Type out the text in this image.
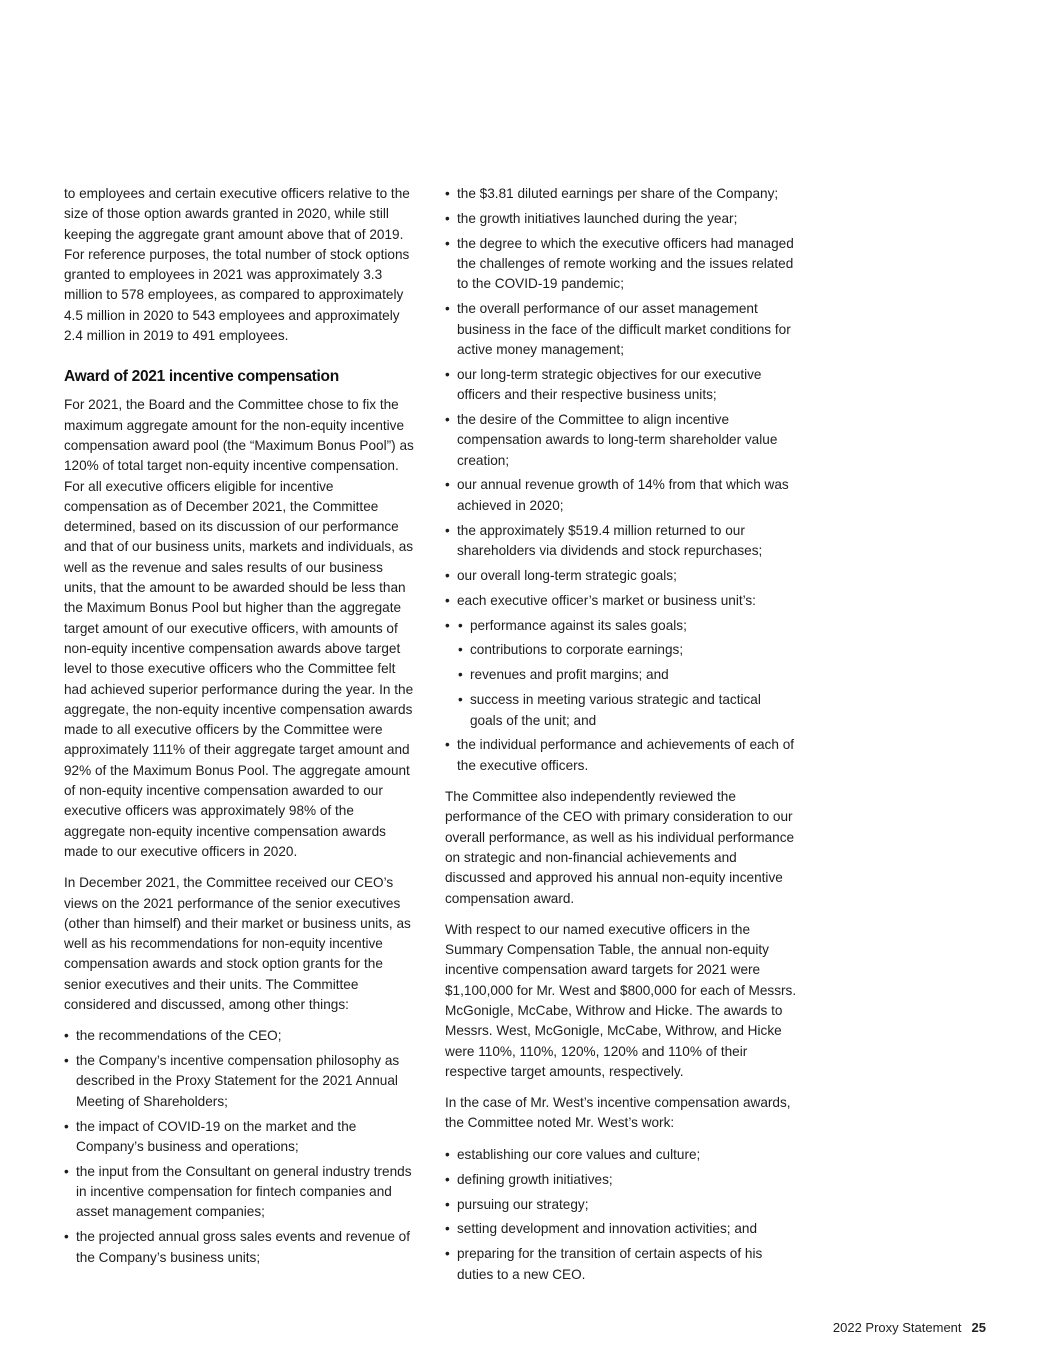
to employees and certain executive officers relative to the size of those option awards granted in 2020, while still keeping the aggregate grant amount above that of 2019. For reference purposes, the total number of stock options granted to employees in 2021 was approximately 3.3 million to 578 employees, as compared to approximately 4.5 million in 2020 to 543 employees and approximately 2.4 million in 2019 to 491 employees.

Award of 2021 incentive compensation

For 2021, the Board and the Committee chose to fix the maximum aggregate amount for the non-equity incentive compensation award pool (the “Maximum Bonus Pool”) as 120% of total target non-equity incentive compensation. For all executive officers eligible for incentive compensation as of December 2021, the Committee determined, based on its discussion of our performance and that of our business units, markets and individuals, as well as the revenue and sales results of our business units, that the amount to be awarded should be less than the Maximum Bonus Pool but higher than the aggregate target amount of our executive officers, with amounts of non-equity incentive compensation awards above target level to those executive officers who the Committee felt had achieved superior performance during the year. In the aggregate, the non-equity incentive compensation awards made to all executive officers by the Committee were approximately 111% of their aggregate target amount and 92% of the Maximum Bonus Pool. The aggregate amount of non-equity incentive compensation awarded to our executive officers was approximately 98% of the aggregate non-equity incentive compensation awards made to our executive officers in 2020.

In December 2021, the Committee received our CEO’s views on the 2021 performance of the senior executives (other than himself) and their market or business units, as well as his recommendations for non-equity incentive compensation awards and stock option grants for the senior executives and their units. The Committee considered and discussed, among other things:

• the recommendations of the CEO;
• the Company’s incentive compensation philosophy as described in the Proxy Statement for the 2021 Annual Meeting of Shareholders;
• the impact of COVID-19 on the market and the Company’s business and operations;
• the input from the Consultant on general industry trends in incentive compensation for fintech companies and asset management companies;
• the projected annual gross sales events and revenue of the Company’s business units;
• the $3.81 diluted earnings per share of the Company;
• the growth initiatives launched during the year;
• the degree to which the executive officers had managed the challenges of remote working and the issues related to the COVID-19 pandemic;
• the overall performance of our asset management business in the face of the difficult market conditions for active money management;
• our long-term strategic objectives for our executive officers and their respective business units;
• the desire of the Committee to align incentive compensation awards to long-term shareholder value creation;
• our annual revenue growth of 14% from that which was achieved in 2020;
• the approximately $519.4 million returned to our shareholders via dividends and stock repurchases;
• our overall long-term strategic goals;
• each executive officer’s market or business unit’s:
• • performance against its sales goals;
• contributions to corporate earnings;
• revenues and profit margins; and
• success in meeting various strategic and tactical goals of the unit; and
• the individual performance and achievements of each of the executive officers.

The Committee also independently reviewed the performance of the CEO with primary consideration to our overall performance, as well as his individual performance on strategic and non-financial achievements and discussed and approved his annual non-equity incentive compensation award.

With respect to our named executive officers in the Summary Compensation Table, the annual non-equity incentive compensation award targets for 2021 were $1,100,000 for Mr. West and $800,000 for each of Messrs. McGonigle, McCabe, Withrow and Hicke. The awards to Messrs. West, McGonigle, McCabe, Withrow, and Hicke were 110%, 110%, 120%, 120% and 110% of their respective target amounts, respectively.

In the case of Mr. West’s incentive compensation awards, the Committee noted Mr. West’s work:

• establishing our core values and culture;
• defining growth initiatives;
• pursuing our strategy;
• setting development and innovation activities; and
• preparing for the transition of certain aspects of his duties to a new CEO.
2022 Proxy Statement 25
